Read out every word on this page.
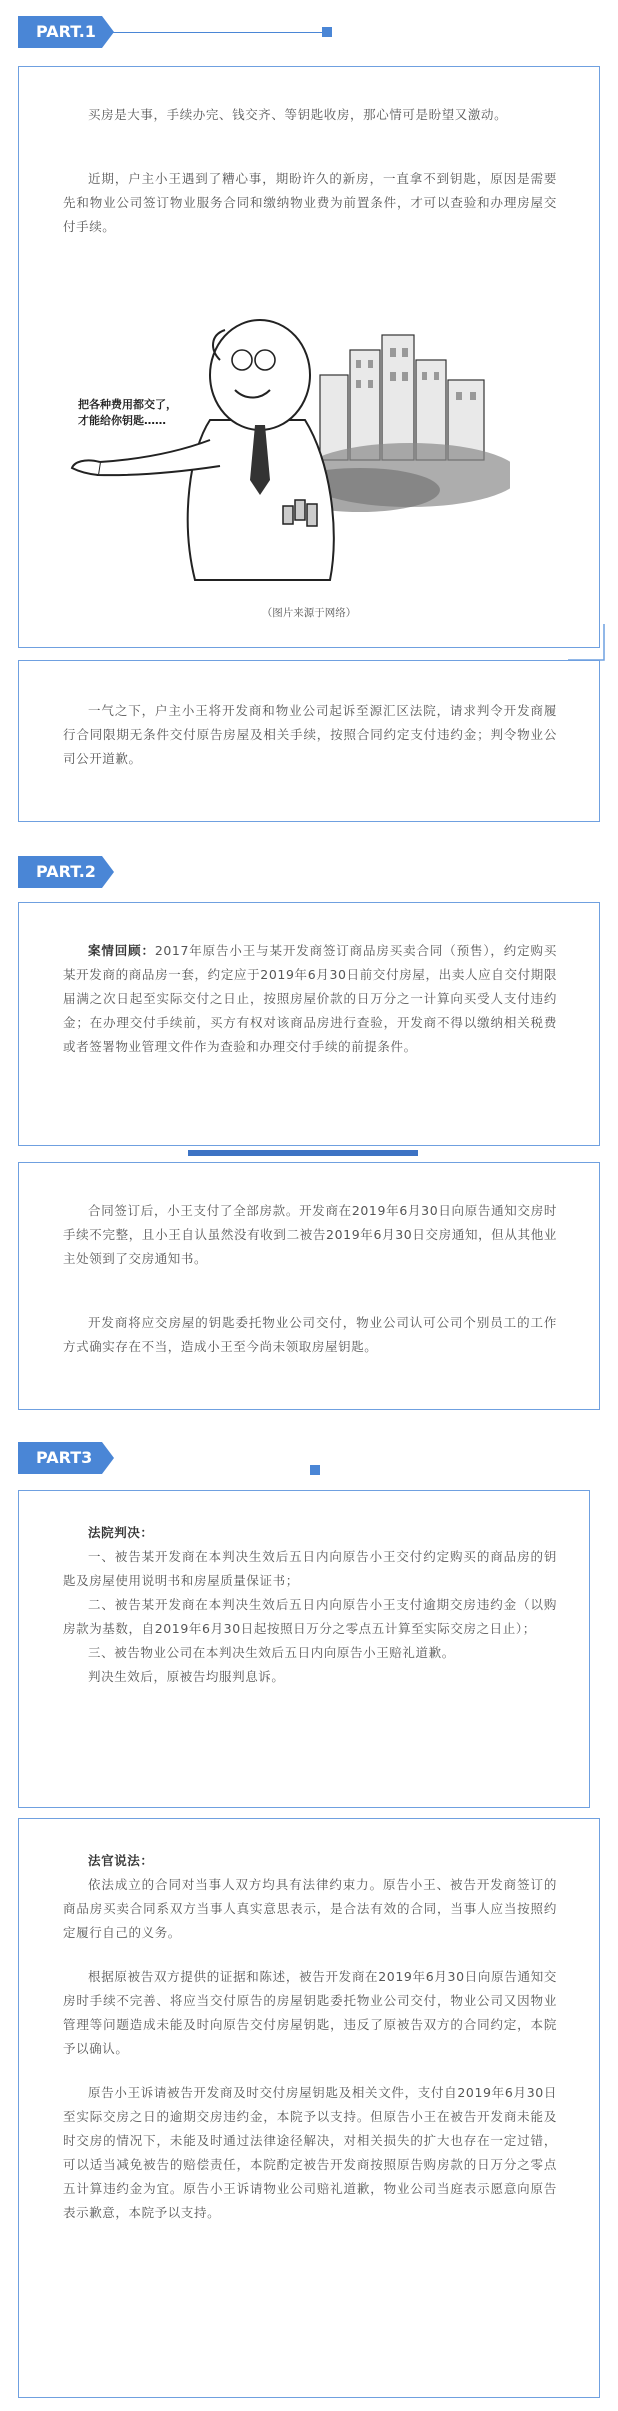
PART.1

买房是大事，手续办完、钱交齐、等钥匙收房，那心情可是盼望又激动。

近期，户主小王遇到了糟心事，期盼许久的新房，一直拿不到钥匙，原因是需要先和物业公司签订物业服务合同和缴纳物业费为前置条件，才可以查验和办理房屋交付手续。

把各种费用都交了， 才能给你钥匙……
（图片来源于网络）

一气之下，户主小王将开发商和物业公司起诉至源汇区法院，请求判令开发商履行合同限期无条件交付原告房屋及相关手续，按照合同约定支付违约金；判令物业公司公开道歉。

PART.2

案情回顾：2017年原告小王与某开发商签订商品房买卖合同（预售），约定购买某开发商的商品房一套，约定应于2019年6月30日前交付房屋，出卖人应自交付期限届满之次日起至实际交付之日止，按照房屋价款的日万分之一计算向买受人支付违约金；在办理交付手续前，买方有权对该商品房进行查验，开发商不得以缴纳相关税费或者签署物业管理文件作为查验和办理交付手续的前提条件。

合同签订后，小王支付了全部房款。开发商在2019年6月30日向原告通知交房时手续不完整，且小王自认虽然没有收到二被告2019年6月30日交房通知，但从其他业主处领到了交房通知书。

开发商将应交房屋的钥匙委托物业公司交付，物业公司认可公司个别员工的工作方式确实存在不当，造成小王至今尚未领取房屋钥匙。

PART3

法院判决：

一、被告某开发商在本判决生效后五日内向原告小王交付约定购买的商品房的钥匙及房屋使用说明书和房屋质量保证书；

二、被告某开发商在本判决生效后五日内向原告小王支付逾期交房违约金（以购房款为基数，自2019年6月30日起按照日万分之零点五计算至实际交房之日止）；

三、被告物业公司在本判决生效后五日内向原告小王赔礼道歉。

判决生效后，原被告均服判息诉。

法官说法：

依法成立的合同对当事人双方均具有法律约束力。原告小王、被告开发商签订的商品房买卖合同系双方当事人真实意思表示，是合法有效的合同，当事人应当按照约定履行自己的义务。

根据原被告双方提供的证据和陈述，被告开发商在2019年6月30日向原告通知交房时手续不完善、将应当交付原告的房屋钥匙委托物业公司交付，物业公司又因物业管理等问题造成未能及时向原告交付房屋钥匙，违反了原被告双方的合同约定，本院予以确认。

原告小王诉请被告开发商及时交付房屋钥匙及相关文件，支付自2019年6月30日至实际交房之日的逾期交房违约金，本院予以支持。但原告小王在被告开发商未能及时交房的情况下，未能及时通过法律途径解决，对相关损失的扩大也存在一定过错，可以适当减免被告的赔偿责任，本院酌定被告开发商按照原告购房款的日万分之零点五计算违约金为宜。原告小王诉请物业公司赔礼道歉，物业公司当庭表示愿意向原告表示歉意，本院予以支持。
